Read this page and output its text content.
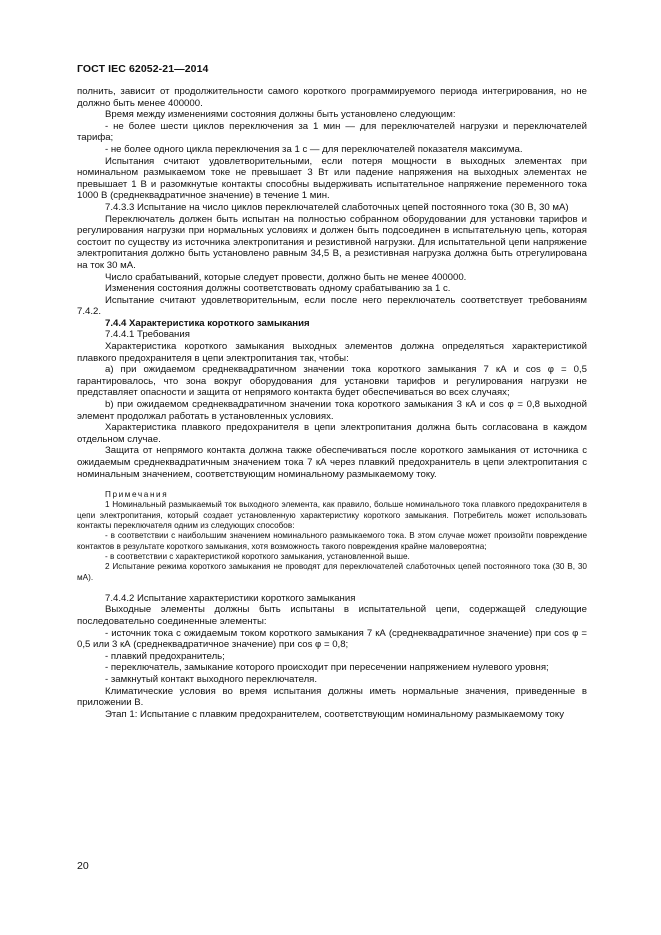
ГОСТ IEC 62052-21—2014

полнить, зависит от продолжительности самого короткого программируемого периода интегрирования, но не должно быть менее 400000.

Время между изменениями состояния должны быть установлено следующим:

- не более шести циклов переключения за 1 мин — для переключателей нагрузки и переключателей тарифа;

- не более одного цикла переключения за 1 с — для переключателей показателя максимума.

Испытания считают удовлетворительными, если потеря мощности в выходных элементах при номинальном размыкаемом токе не превышает 3 Вт или падение напряжения на выходных элементах не превышает 1 В и разомкнутые контакты способны выдерживать испытательное напряжение переменного тока 1000 В (среднеквадратичное значение) в течение 1 мин.

7.4.3.3 Испытание на число циклов переключателей слаботочных цепей постоянного тока (30 В, 30 мА)

Переключатель должен быть испытан на полностью собранном оборудовании для установки тарифов и регулирования нагрузки при нормальных условиях и должен быть подсоединен в испытательную цепь, которая состоит по существу из источника электропитания и резистивной нагрузки. Для испытательной цепи напряжение электропитания должно быть установлено равным 34,5 В, а резистивная нагрузка должна быть отрегулирована на ток 30 мА.

Число срабатываний, которые следует провести, должно быть не менее 400000.

Изменения состояния должны соответствовать одному срабатыванию за 1 с.

Испытание считают удовлетворительным, если после него переключатель соответствует требованиям 7.4.2.

7.4.4 Характеристика короткого замыкания

7.4.4.1 Требования

Характеристика короткого замыкания выходных элементов должна определяться характеристикой плавкого предохранителя в цепи электропитания так, чтобы:

a) при ожидаемом среднеквадратичном значении тока короткого замыкания 7 кА и cos φ = 0,5 гарантировалось, что зона вокруг оборудования для установки тарифов и регулирования нагрузки не представляет опасности и защита от непрямого контакта будет обеспечиваться во всех случаях;

b) при ожидаемом среднеквадратичном значении тока короткого замыкания 3 кА и cos φ = 0,8 выходной элемент продолжал работать в установленных условиях.

Характеристика плавкого предохранителя в цепи электропитания должна быть согласована в каждом отдельном случае.

Защита от непрямого контакта должна также обеспечиваться после короткого замыкания от источника с ожидаемым среднеквадратичным значением тока 7 кА через плавкий предохранитель в цепи электропитания с номинальным значением, соответствующим номинальному размыкаемому току.

Примечания

1 Номинальный размыкаемый ток выходного элемента, как правило, больше номинального тока плавкого предохранителя в цепи электропитания, который создает установленную характеристику короткого замыкания. Потребитель может использовать контакты переключателя одним из следующих способов:

- в соответствии с наибольшим значением номинального размыкаемого тока. В этом случае может произойти повреждение контактов в результате короткого замыкания, хотя возможность такого повреждения крайне маловероятна;

- в соответствии с характеристикой короткого замыкания, установленной выше.

2 Испытание режима короткого замыкания не проводят для переключателей слаботочных цепей постоянного тока (30 В, 30 мА).

7.4.4.2 Испытание характеристики короткого замыкания

Выходные элементы должны быть испытаны в испытательной цепи, содержащей следующие последовательно соединенные элементы:

- источник тока с ожидаемым током короткого замыкания 7 кА (среднеквадратичное значение) при cos φ = 0,5 или 3 кА (среднеквадратичное значение) при cos φ = 0,8;

- плавкий предохранитель;

- переключатель, замыкание которого происходит при пересечении напряжением нулевого уровня;

- замкнутый контакт выходного переключателя.

Климатические условия во время испытания должны иметь нормальные значения, приведенные в приложении В.

Этап 1: Испытание с плавким предохранителем, соответствующим номинальному размыкаемому току

20
